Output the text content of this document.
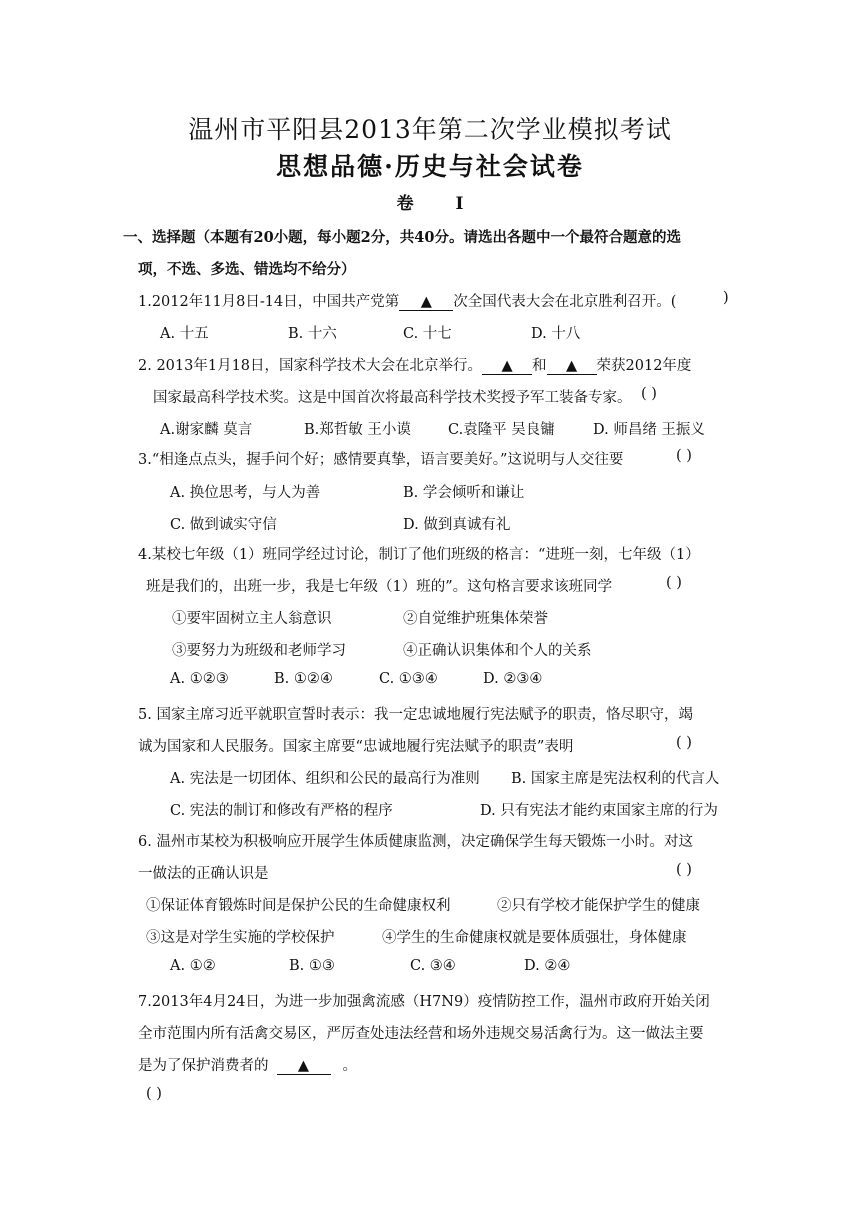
温州市平阳县2013年第二次学业模拟考试
思想品德·历史与社会试卷
卷 Ⅰ
一、选择题（本题有20小题，每小题2分，共40分。请选出各题中一个最符合题意的选
项，不选、多选、错选均不给分）
1.2012年11月8日-14日，中国共产党第 ▲ 次全国代表大会在北京胜利召开。(	)
A. 十五	B. 十六	C. 十七	D. 十八
2. 2013年1月18日，国家科学技术大会在北京举行。 ▲ 和 ▲ 荣获2012年度
国家最高科学技术奖。这是中国首次将最高科学技术奖授予军工装备专家。 ( )
A.谢家麟 莫言	B.郑哲敏 王小谟	C.袁隆平 吴良镛	D. 师昌绪 王振义
3.“相逢点点头，握手问个好；感情要真挚，语言要美好。”这说明与人交往要	( )
A. 换位思考，与人为善	B. 学会倾听和谦让
C. 做到诚实守信	D. 做到真诚有礼
4.某校七年级（1）班同学经过讨论，制订了他们班级的格言：“进班一刻，七年级（1）
班是我们的，出班一步，我是七年级（1）班的”。这句格言要求该班同学	( )
①要牢固树立主人翁意识	②自觉维护班集体荣誉
③要努力为班级和老师学习	④正确认识集体和个人的关系
A. ①②③	B. ①②④	C. ①③④	D. ②③④
5. 国家主席习近平就职宣誓时表示：我一定忠诚地履行宪法赋予的职责，恪尽职守，竭
诚为国家和人民服务。国家主席要“忠诚地履行宪法赋予的职责”表明	( )
A. 宪法是一切团体、组织和公民的最高行为准则 B. 国家主席是宪法权利的代言人
C. 宪法的制订和修改有严格的程序	D. 只有宪法才能约束国家主席的行为
6. 温州市某校为积极响应开展学生体质健康监测，决定确保学生每天锻炼一小时。对这
一做法的正确认识是	( )
①保证体育锻炼时间是保护公民的生命健康权利	②只有学校才能保护学生的健康
③这是对学生实施的学校保护	④学生的生命健康权就是要体质强壮，身体健康
A. ①②	B. ①③	C. ③④	D. ②④
7.2013年4月24日，为进一步加强禽流感（H7N9）疫情防控工作，温州市政府开始关闭
全市范围内所有活禽交易区，严厉查处违法经营和场外违规交易活禽行为。这一做法主要
是为了保护消费者的 ▲ 。
( )
